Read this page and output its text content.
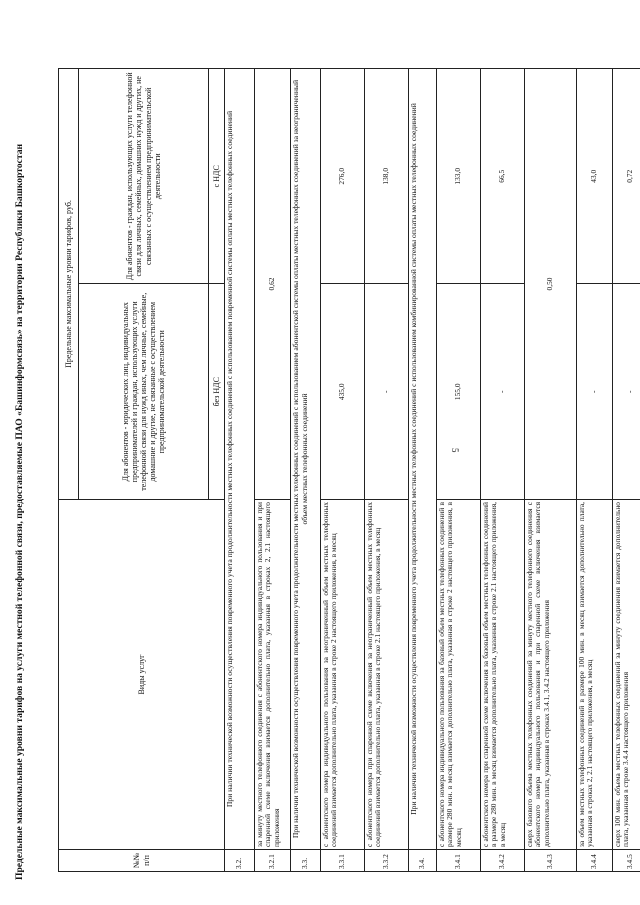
5
Предельные максимальные уровни тарифов на услуги местной телефонной связи, предоставляемые ПАО «Башинформсвязь» на территории Республики Башкортостан	№№ п/п	Виды услуг	Предельные максимальные уровни тарифов, руб.	
		Для абонентов - юридических лиц, индивидуальных предпринимателей и граждан, использующих услуги телефонной связи для нужд иных, чем личные, семейные, домашние и другие, не связанные с осуществлением предпринимательской деятельности	Для абонентов - граждан, использующих услуги телефонной связи для личных, семейных, домашних нужд и других, не связанных с осуществлением предпринимательской деятельности
		без НДС	с НДС
3.2.	При наличии технической возможности осуществления повременного учета продолжительности местных телефонных соединений с использованием повременной системы оплаты местных телефонных соединений		
3.2.1	за минуту местного телефонного соединения с абонентского номера индивидуального пользования и при спаренной схеме включения взимается дополнительно плата, указанная в строках 2, 2.1 настоящего приложения	0,62	
3.3.	При наличии технической возможности осуществления повременного учета продолжительности местных телефонных соединений с использованием абонентской системы оплаты местных телефонных соединений за неограниченный объем местных телефонных соединений		
3.3.1	с абонентского номера индивидуального пользования за неограниченный объем местных телефонных соединений взимается дополнительно плата, указанная в строке 2 настоящего приложения, в месяц	435,0	276,0
3.3.2	с абонентского номера при спаренной схеме включения за неограниченный объем местных телефонных соединений взимается дополнительно плата, указанная в строке 2.1 настоящего приложения, в месяц	-	138,0
3.4.	При наличии технической возможности осуществления повременного учета продолжительности местных телефонных соединений с использованием комбинированной системы оплаты местных телефонных соединений		
3.4.1	с абонентского номера индивидуального пользования за базовый объем местных телефонных соединений в размере 280 мин. в месяц взимается дополнительно плата, указанная в строке 2 настоящего приложения, в месяц	155,0	133,0
3.4.2	с абонентского номера при спаренной схеме включения за базовый объем местных телефонных соединений в размере 280 мин. в месяц взимается дополнительно плата, указанная в строке 2.1 настоящего приложения, в месяц	-	66,5
3.4.3	сверх базового объема местных телефонных соединений за минуту местного телефонного соединения с абонентского номера индивидуального пользования и при спаренной схеме включения взимается дополнительно плата, указанная в строках 3.4.1, 3.4.2 настоящего приложения	0,50	
3.4.4	за объем местных телефонных соединений в размере 100 мин. в месяц взимается дополнительно плата, указанная в строках 2, 2.1 настоящего приложения, в месяц	-	43,0
3.4.5	сверх 100 мин. объема местных телефонных соединений за минуту соединения взимается дополнительно плата, указанная в строке 3.4.4 настоящего приложения	-	0,72
